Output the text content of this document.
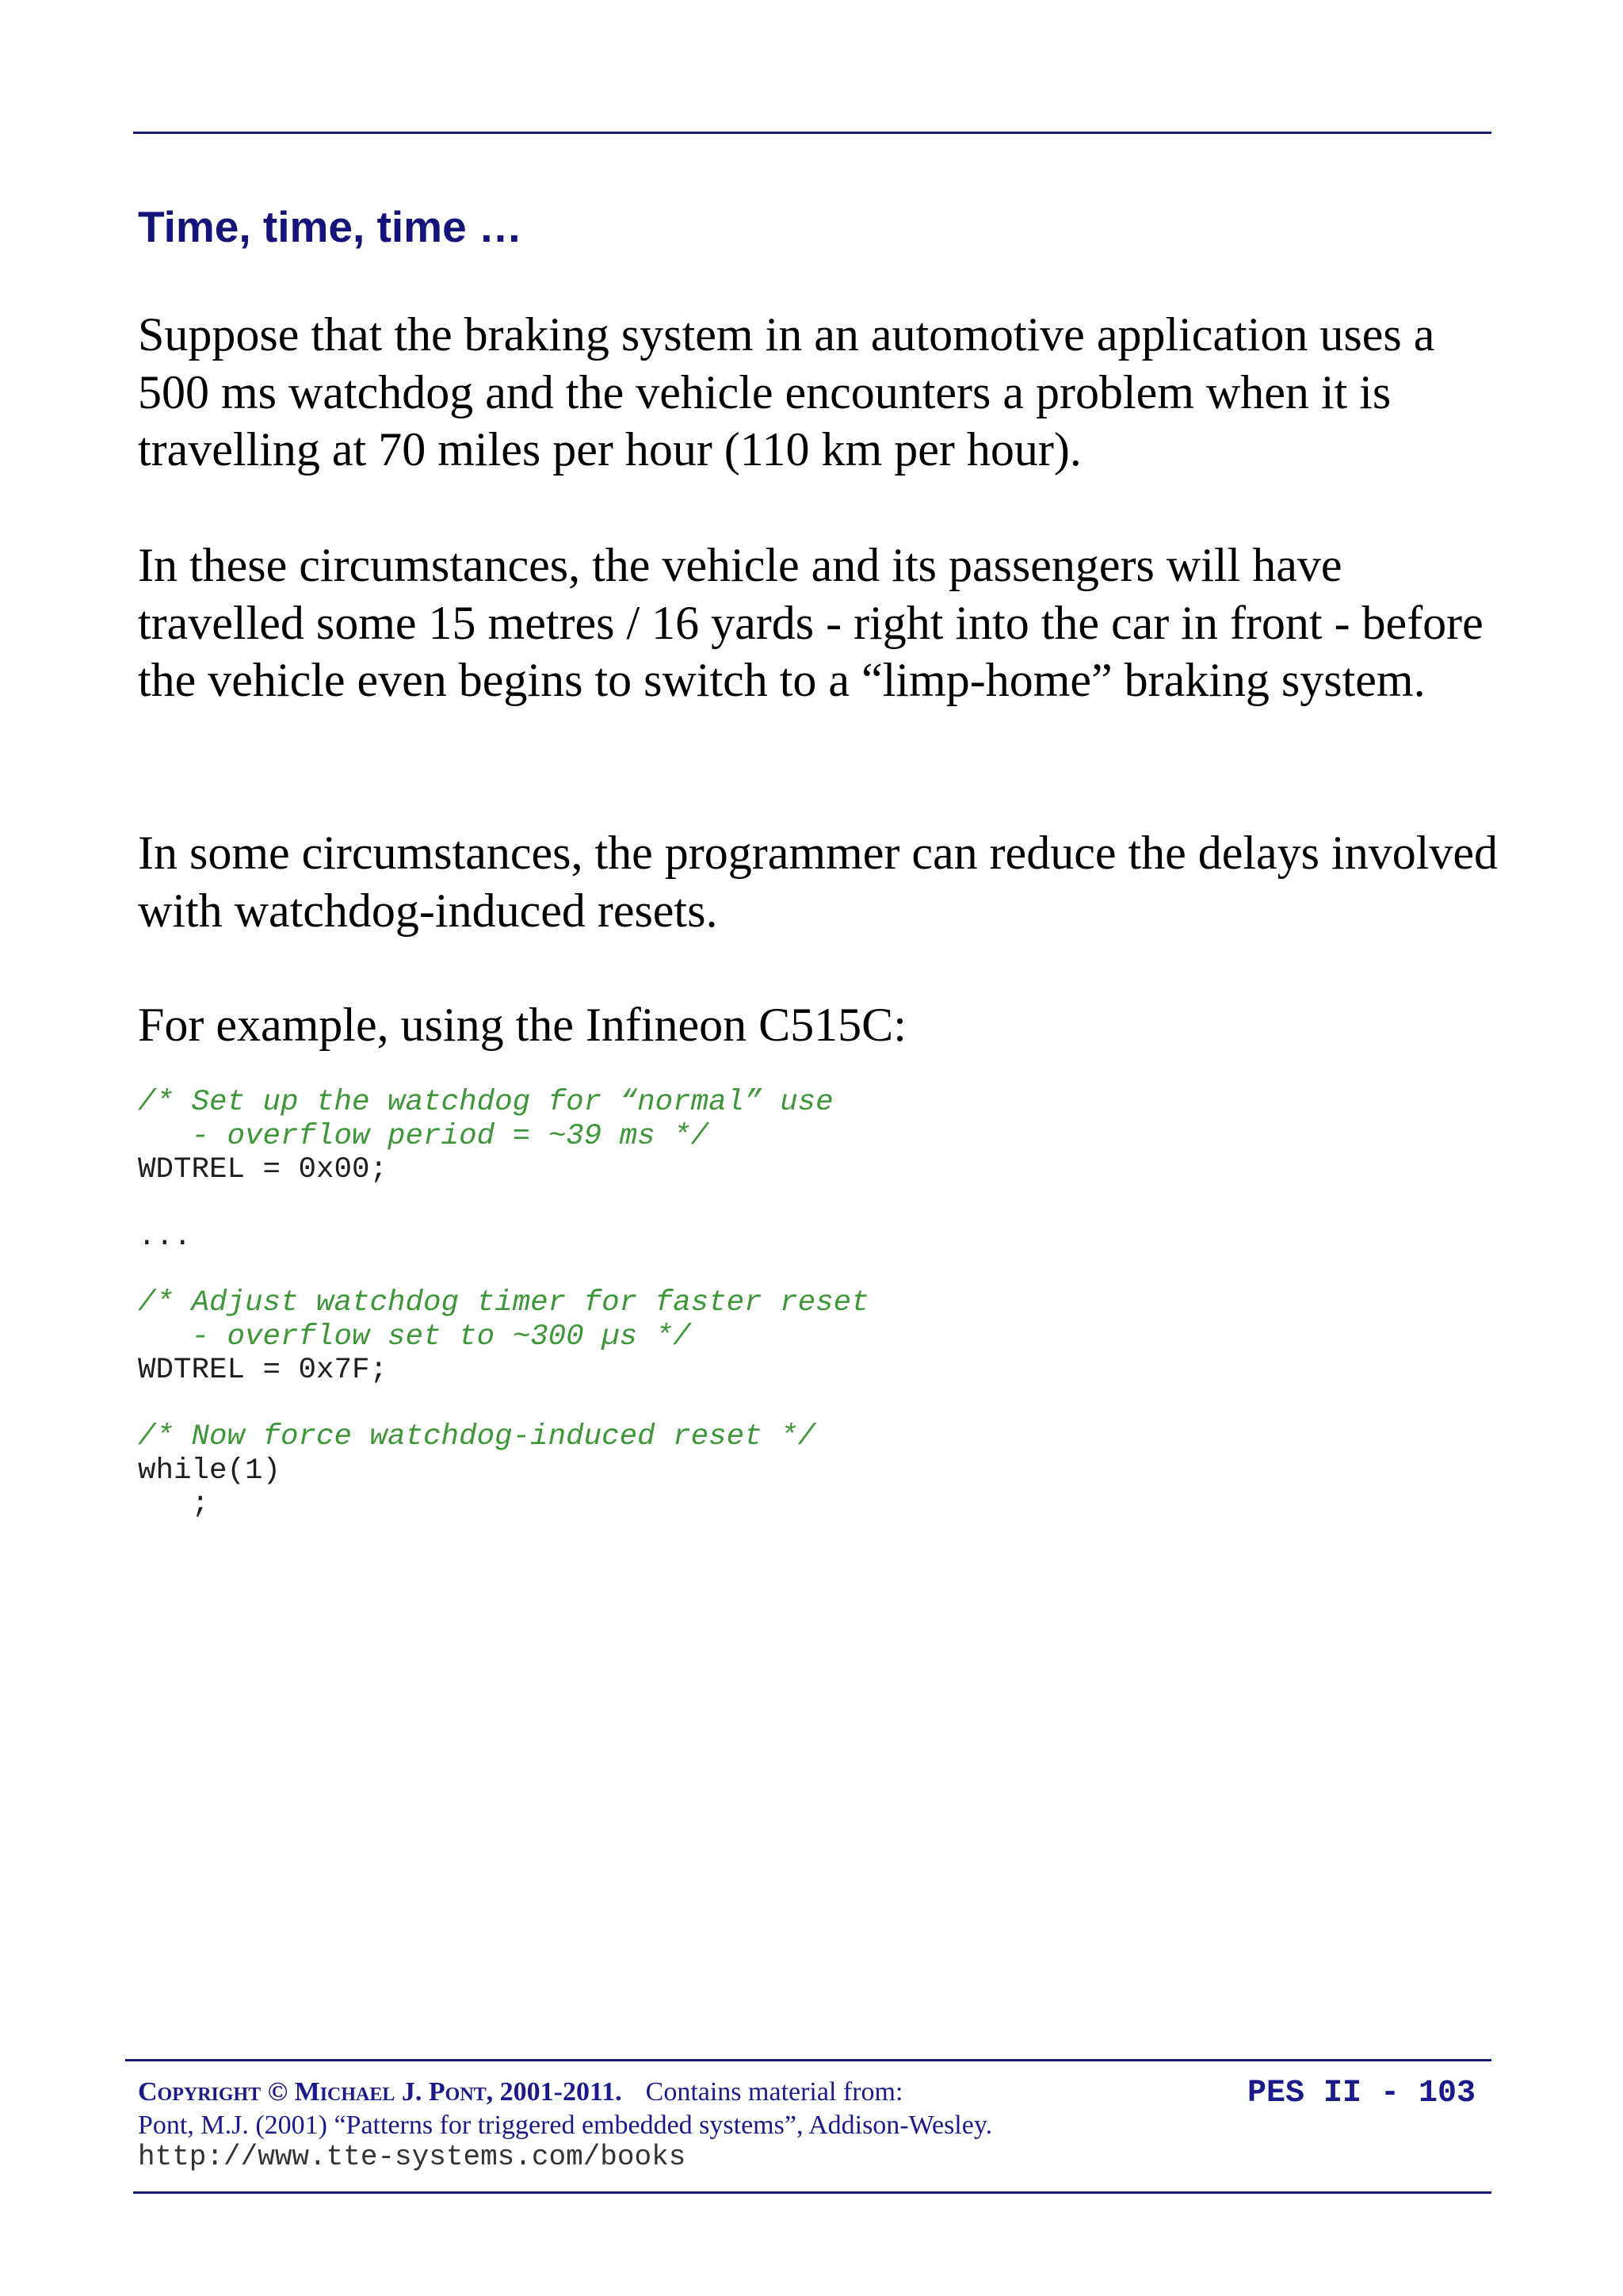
Time, time, time …

Suppose that the braking system in an automotive application uses a 500 ms watchdog and the vehicle encounters a problem when it is travelling at 70 miles per hour (110 km per hour).

In these circumstances, the vehicle and its passengers will have travelled some 15 metres / 16 yards - right into the car in front - before the vehicle even begins to switch to a “limp-home” braking system.

In some circumstances, the programmer can reduce the delays involved with watchdog-induced resets.

For example, using the Infineon C515C:

/* Set up the watchdog for “normal” use
- overflow period = ~39 ms */
WDTREL = 0x00;
...
/* Adjust watchdog timer for faster reset
- overflow set to ~300 µs */
WDTREL = 0x7F;
/* Now force watchdog-induced reset */
while(1)
;

Copyright © Michael J. Pont, 2001-2011. Contains material from:
Pont, M.J. (2001) “Patterns for triggered embedded systems”, Addison-Wesley.

http://www.tte-systems.com/books

PES II - 103
